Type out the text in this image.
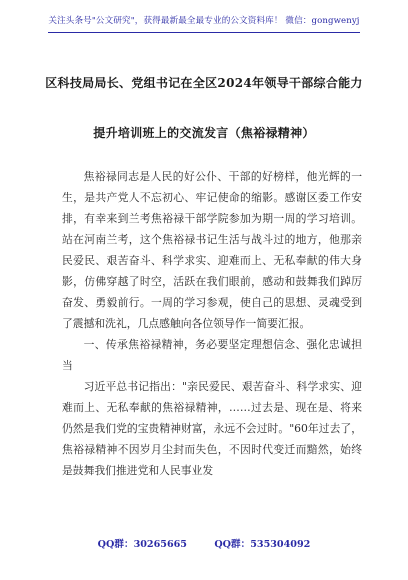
关注头条号"公文研究"，获得最新最全最专业的公文资料库！ 微信：gongwenyj
区科技局局长、党组书记在全区2024年领导干部综合能力
提升培训班上的交流发言（焦裕禄精神）

焦裕禄同志是人民的好公仆、干部的好榜样，他光辉的一生，是共产党人不忘初心、牢记使命的缩影。感谢区委工作安排，有幸来到兰考焦裕禄干部学院参加为期一周的学习培训。站在河南兰考，这个焦裕禄书记生活与战斗过的地方，他那亲民爱民、艰苦奋斗、科学求实、迎难而上、无私奉献的伟大身影，仿佛穿越了时空，活跃在我们眼前，感动和鼓舞我们踔厉奋发、勇毅前行。一周的学习参观，使自己的思想、灵魂受到了震撼和洗礼，几点感触向各位领导作一简要汇报。

一、传承焦裕禄精神，务必要坚定理想信念、强化忠诚担当

习近平总书记指出："亲民爱民、艰苦奋斗、科学求实、迎难而上、无私奉献的焦裕禄精神，……过去是、现在是、将来仍然是我们党的宝贵精神财富，永远不会过时。"60年过去了，焦裕禄精神不因岁月尘封而失色，不因时代变迁而黯然，始终是鼓舞我们推进党和人民事业发

QQ群：30265665	QQ群：535304092
